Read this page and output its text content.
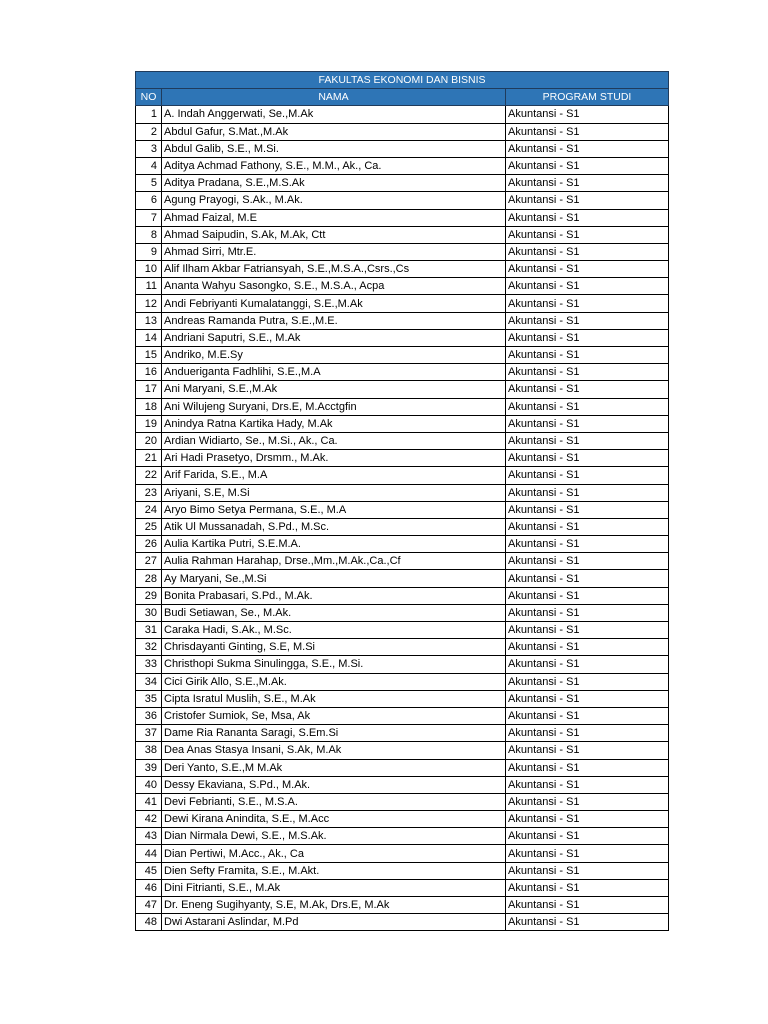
FAKULTAS EKONOMI DAN BISNIS		
NO	NAMA	PROGRAM STUDI
1	A. Indah Anggerwati, Se.,M.Ak	Akuntansi - S1
2	Abdul Gafur, S.Mat.,M.Ak	Akuntansi - S1
3	Abdul Galib, S.E., M.Si.	Akuntansi - S1
4	Aditya Achmad Fathony, S.E., M.M., Ak., Ca.	Akuntansi - S1
5	Aditya Pradana, S.E.,M.S.Ak	Akuntansi - S1
6	Agung Prayogi, S.Ak., M.Ak.	Akuntansi - S1
7	Ahmad Faizal, M.E	Akuntansi - S1
8	Ahmad Saipudin, S.Ak, M.Ak, Ctt	Akuntansi - S1
9	Ahmad Sirri, Mtr.E.	Akuntansi - S1
10	Alif Ilham Akbar Fatriansyah, S.E.,M.S.A.,Csrs.,Cs	Akuntansi - S1
11	Ananta Wahyu Sasongko, S.E., M.S.A., Acpa	Akuntansi - S1
12	Andi Febriyanti Kumalatanggi, S.E.,M.Ak	Akuntansi - S1
13	Andreas Ramanda Putra, S.E.,M.E.	Akuntansi - S1
14	Andriani Saputri, S.E., M.Ak	Akuntansi - S1
15	Andriko, M.E.Sy	Akuntansi - S1
16	Andueriganta Fadhlihi, S.E.,M.A	Akuntansi - S1
17	Ani Maryani, S.E.,M.Ak	Akuntansi - S1
18	Ani Wilujeng Suryani, Drs.E, M.Acctgfin	Akuntansi - S1
19	Anindya Ratna Kartika Hady, M.Ak	Akuntansi - S1
20	Ardian Widiarto, Se., M.Si., Ak., Ca.	Akuntansi - S1
21	Ari Hadi Prasetyo, Drsmm., M.Ak.	Akuntansi - S1
22	Arif Farida, S.E., M.A	Akuntansi - S1
23	Ariyani, S.E, M.Si	Akuntansi - S1
24	Aryo Bimo Setya Permana, S.E., M.A	Akuntansi - S1
25	Atik Ul Mussanadah, S.Pd., M.Sc.	Akuntansi - S1
26	Aulia Kartika Putri, S.E.M.A.	Akuntansi - S1
27	Aulia Rahman Harahap, Drse.,Mm.,M.Ak.,Ca.,Cf	Akuntansi - S1
28	Ay Maryani, Se.,M.Si	Akuntansi - S1
29	Bonita Prabasari, S.Pd., M.Ak.	Akuntansi - S1
30	Budi Setiawan, Se., M.Ak.	Akuntansi - S1
31	Caraka Hadi, S.Ak., M.Sc.	Akuntansi - S1
32	Chrisdayanti Ginting, S.E, M.Si	Akuntansi - S1
33	Christhopi Sukma Sinulingga, S.E., M.Si.	Akuntansi - S1
34	Cici Girik Allo, S.E.,M.Ak.	Akuntansi - S1
35	Cipta Isratul Muslih, S.E., M.Ak	Akuntansi - S1
36	Cristofer Sumiok, Se, Msa, Ak	Akuntansi - S1
37	Dame Ria Rananta Saragi, S.Em.Si	Akuntansi - S1
38	Dea Anas Stasya Insani, S.Ak, M.Ak	Akuntansi - S1
39	Deri Yanto, S.E.,M M.Ak	Akuntansi - S1
40	Dessy Ekaviana, S.Pd., M.Ak.	Akuntansi - S1
41	Devi Febrianti, S.E., M.S.A.	Akuntansi - S1
42	Dewi Kirana Anindita, S.E., M.Acc	Akuntansi - S1
43	Dian Nirmala Dewi, S.E., M.S.Ak.	Akuntansi - S1
44	Dian Pertiwi, M.Acc., Ak., Ca	Akuntansi - S1
45	Dien Sefty Framita, S.E., M.Akt.	Akuntansi - S1
46	Dini Fitrianti, S.E., M.Ak	Akuntansi - S1
47	Dr. Eneng Sugihyanty, S.E, M.Ak, Drs.E, M.Ak	Akuntansi - S1
48	Dwi Astarani Aslindar, M.Pd	Akuntansi - S1
